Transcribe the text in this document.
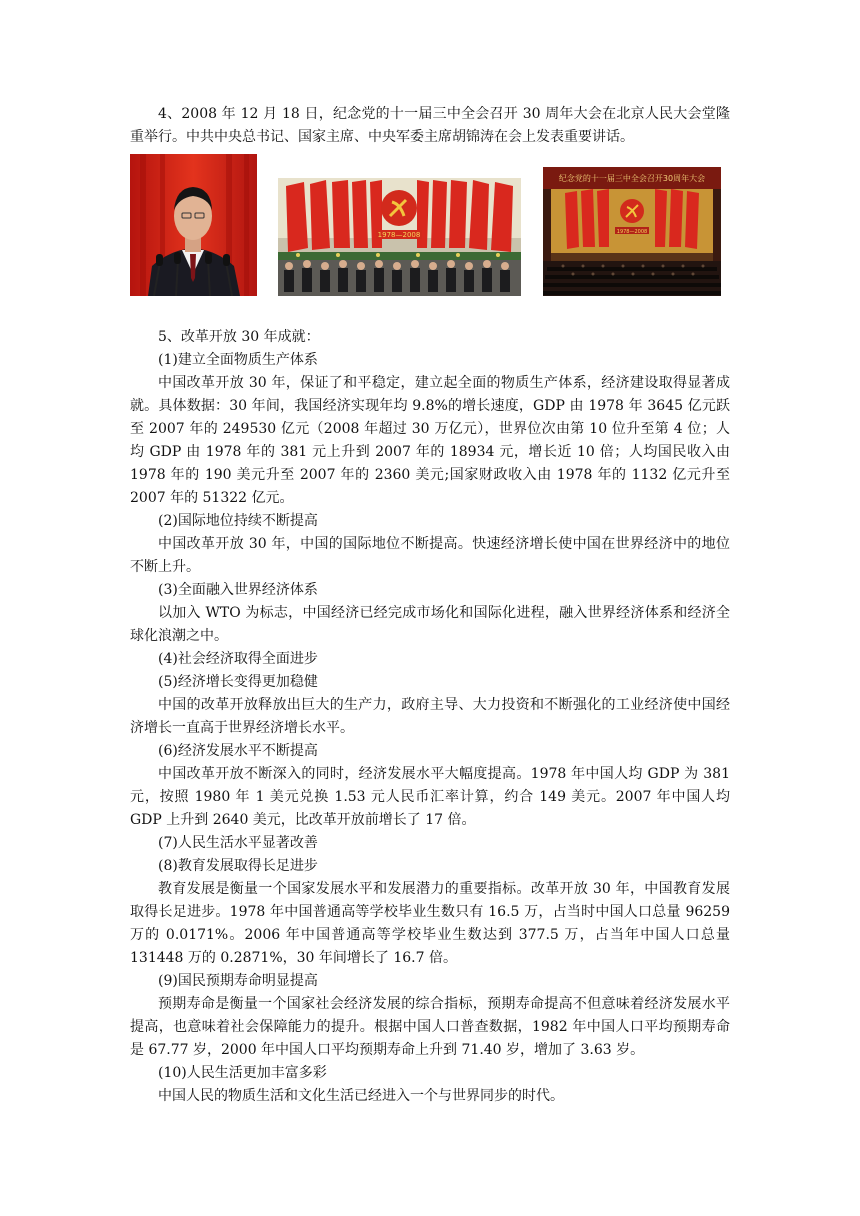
4、2008 年 12 月 18 日，纪念党的十一届三中全会召开 30 周年大会在北京人民大会堂隆重举行。中共中央总书记、国家主席、中央军委主席胡锦涛在会上发表重要讲话。

1978—2008
纪念党的十一届三中全会召开30周年大会
1978—2008

5、改革开放 30 年成就：

(1)建立全面物质生产体系

中国改革开放 30 年，保证了和平稳定，建立起全面的物质生产体系，经济建设取得显著成就。具体数据：30 年间，我国经济实现年均 9.8%的增长速度，GDP 由 1978 年 3645 亿元跃至 2007 年的 249530 亿元（2008 年超过 30 万亿元），世界位次由第 10 位升至第 4 位；人均 GDP 由 1978 年的 381 元上升到 2007 年的 18934 元，增长近 10 倍；人均国民收入由 1978 年的 190 美元升至 2007 年的 2360 美元;国家财政收入由 1978 年的 1132 亿元升至 2007 年的 51322 亿元。

(2)国际地位持续不断提高

中国改革开放 30 年，中国的国际地位不断提高。快速经济增长使中国在世界经济中的地位不断上升。

(3)全面融入世界经济体系

以加入 WTO 为标志，中国经济已经完成市场化和国际化进程，融入世界经济体系和经济全球化浪潮之中。

(4)社会经济取得全面进步

(5)经济增长变得更加稳健

中国的改革开放释放出巨大的生产力，政府主导、大力投资和不断强化的工业经济使中国经济增长一直高于世界经济增长水平。

(6)经济发展水平不断提高

中国改革开放不断深入的同时，经济发展水平大幅度提高。1978 年中国人均 GDP 为 381 元，按照 1980 年 1 美元兑换 1.53 元人民币汇率计算，约合 149 美元。2007 年中国人均 GDP 上升到 2640 美元，比改革开放前增长了 17 倍。

(7)人民生活水平显著改善

(8)教育发展取得长足进步

教育发展是衡量一个国家发展水平和发展潜力的重要指标。改革开放 30 年，中国教育发展取得长足进步。1978 年中国普通高等学校毕业生数只有 16.5 万，占当时中国人口总量 96259 万的 0.0171%。2006 年中国普通高等学校毕业生数达到 377.5 万，占当年中国人口总量 131448 万的 0.2871%，30 年间增长了 16.7 倍。

(9)国民预期寿命明显提高

预期寿命是衡量一个国家社会经济发展的综合指标，预期寿命提高不但意味着经济发展水平提高，也意味着社会保障能力的提升。根据中国人口普查数据，1982 年中国人口平均预期寿命是 67.77 岁，2000 年中国人口平均预期寿命上升到 71.40 岁，增加了 3.63 岁。

(10)人民生活更加丰富多彩

中国人民的物质生活和文化生活已经进入一个与世界同步的时代。
